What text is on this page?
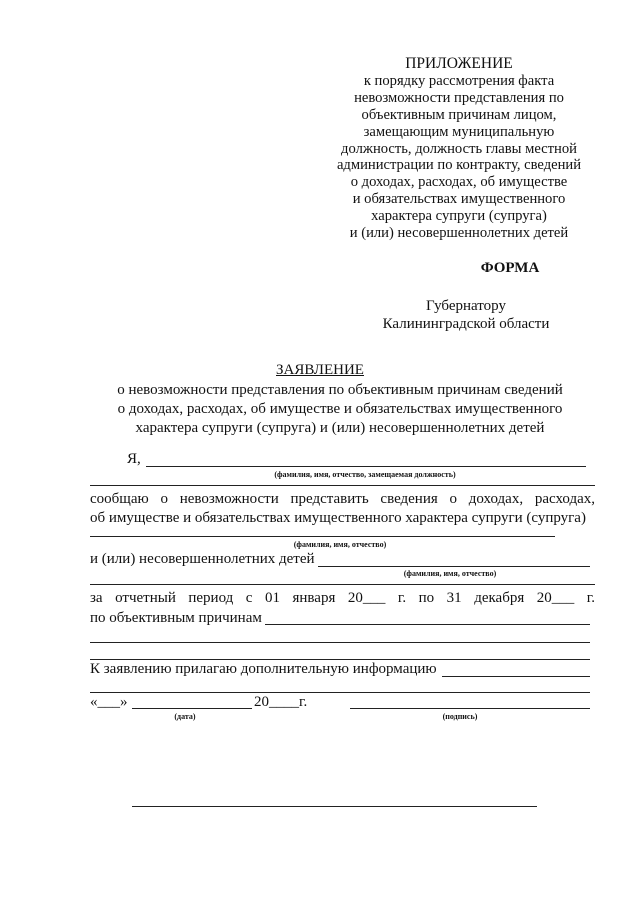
ПРИЛОЖЕНИЕ
к порядку рассмотрения факта
невозможности представления по
объективным причинам лицом,
замещающим муниципальную
должность, должность главы местной
администрации по контракту, сведений
о доходах, расходах, об имуществе
и обязательствах имущественного
характера супруги (супруга)
и (или) несовершеннолетних детей
ФОРМА
Губернатору
Калининградской области
ЗАЯВЛЕНИЕ
о невозможности представления по объективным причинам сведений
о доходах, расходах, об имуществе и обязательствах имущественного
характера супруги (супруга) и (или) несовершеннолетних детей
Я,
(фамилия, имя, отчество, замещаемая должность)
сообщаю о невозможности представить сведения о доходах, расходах,
об имуществе и обязательствах имущественного характера супруги (супруга)
(фамилия, имя, отчество)
и (или) несовершеннолетних детей
(фамилия, имя, отчество)
за отчетный период с 01 января 20___ г. по 31 декабря 20___ г.
по объективным причинам
К заявлению прилагаю дополнительную информацию
«___»	20____г.
(дата)	(подпись)
